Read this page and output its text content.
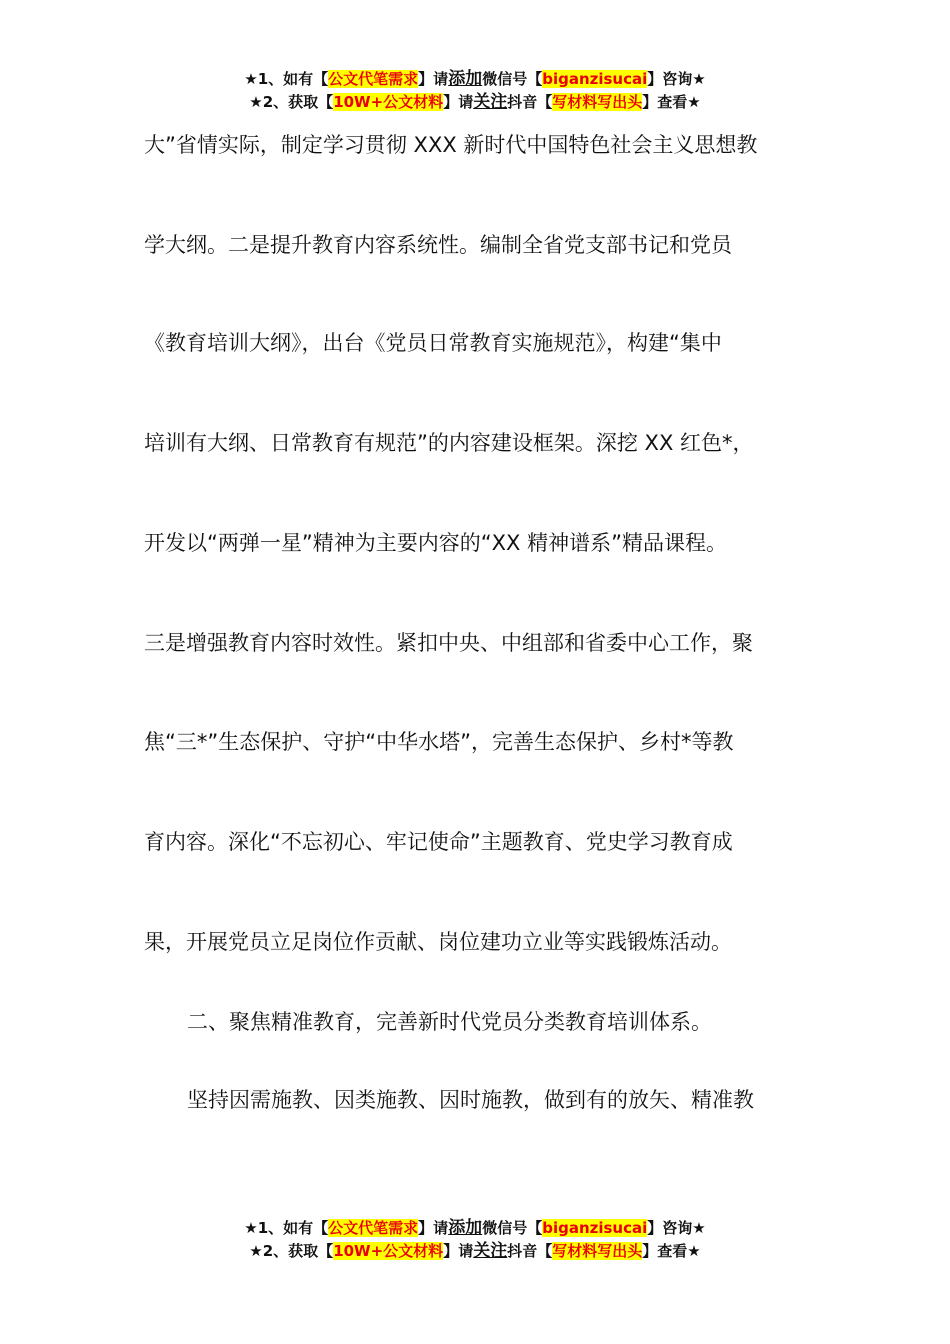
★1、如有【公文代笔需求】请添加微信号【biganzisucai】咨询★
★2、获取【10W+公文材料】请关注抖音【写材料写出头】查看★
大”省情实际，制定学习贯彻 XXX 新时代中国特色社会主义思想教
学大纲。二是提升教育内容系统性。编制全省党支部书记和党员
《教育培训大纲》，出台《党员日常教育实施规范》，构建“集中
培训有大纲、日常教育有规范”的内容建设框架。深挖 XX 红色*，
开发以“两弹一星”精神为主要内容的“XX 精神谱系”精品课程。
三是增强教育内容时效性。紧扣中央、中组部和省委中心工作，聚
焦“三*”生态保护、守护“中华水塔”，完善生态保护、乡村*等教
育内容。深化“不忘初心、牢记使命”主题教育、党史学习教育成
果，开展党员立足岗位作贡献、岗位建功立业等实践锻炼活动。
二、聚焦精准教育，完善新时代党员分类教育培训体系。
坚持因需施教、因类施教、因时施教，做到有的放矢、精准教
★1、如有【公文代笔需求】请添加微信号【biganzisucai】咨询★
★2、获取【10W+公文材料】请关注抖音【写材料写出头】查看★
